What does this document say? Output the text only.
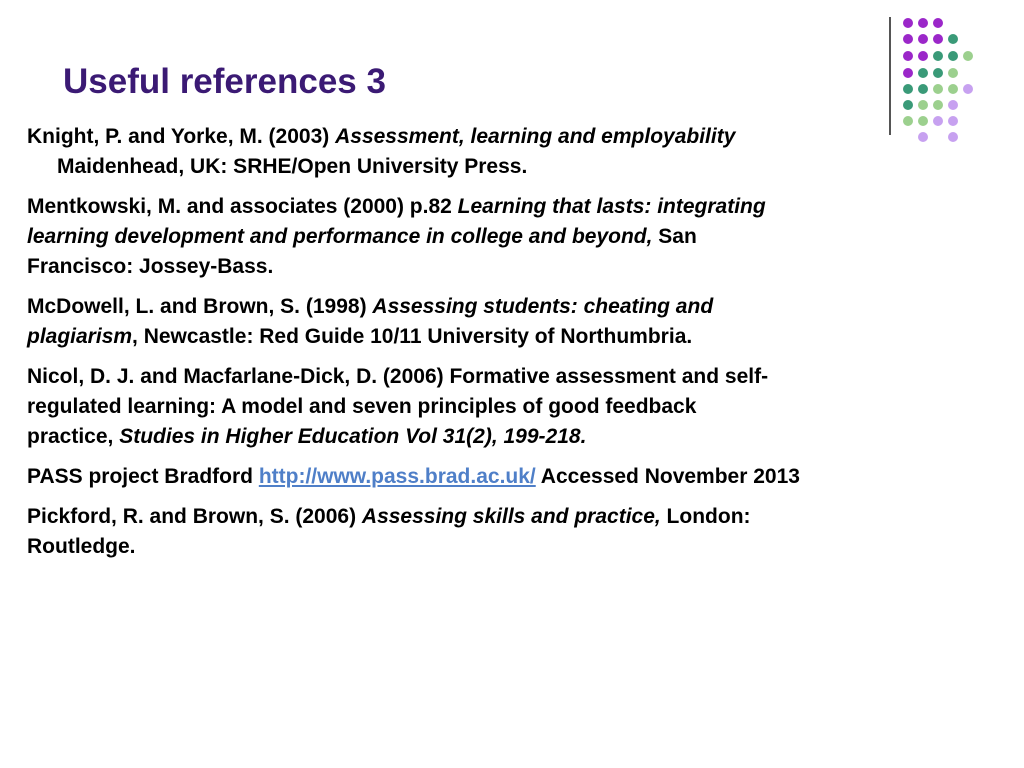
Useful references 3
Knight, P. and Yorke, M. (2003) Assessment, learning and employability
Maidenhead, UK: SRHE/Open University Press.
Mentkowski, M. and associates (2000) p.82 Learning that lasts: integrating
learning development and performance in college and beyond, San
Francisco: Jossey-Bass.
McDowell, L. and Brown, S. (1998) Assessing students: cheating and
plagiarism, Newcastle: Red Guide 10/11 University of Northumbria.
Nicol, D. J. and Macfarlane-Dick, D. (2006) Formative assessment and self-
regulated learning: A model and seven principles of good feedback
practice, Studies in Higher Education Vol 31(2), 199-218.
PASS project Bradford http://www.pass.brad.ac.uk/ Accessed November 2013
Pickford, R. and Brown, S. (2006) Assessing skills and practice, London:
Routledge.
